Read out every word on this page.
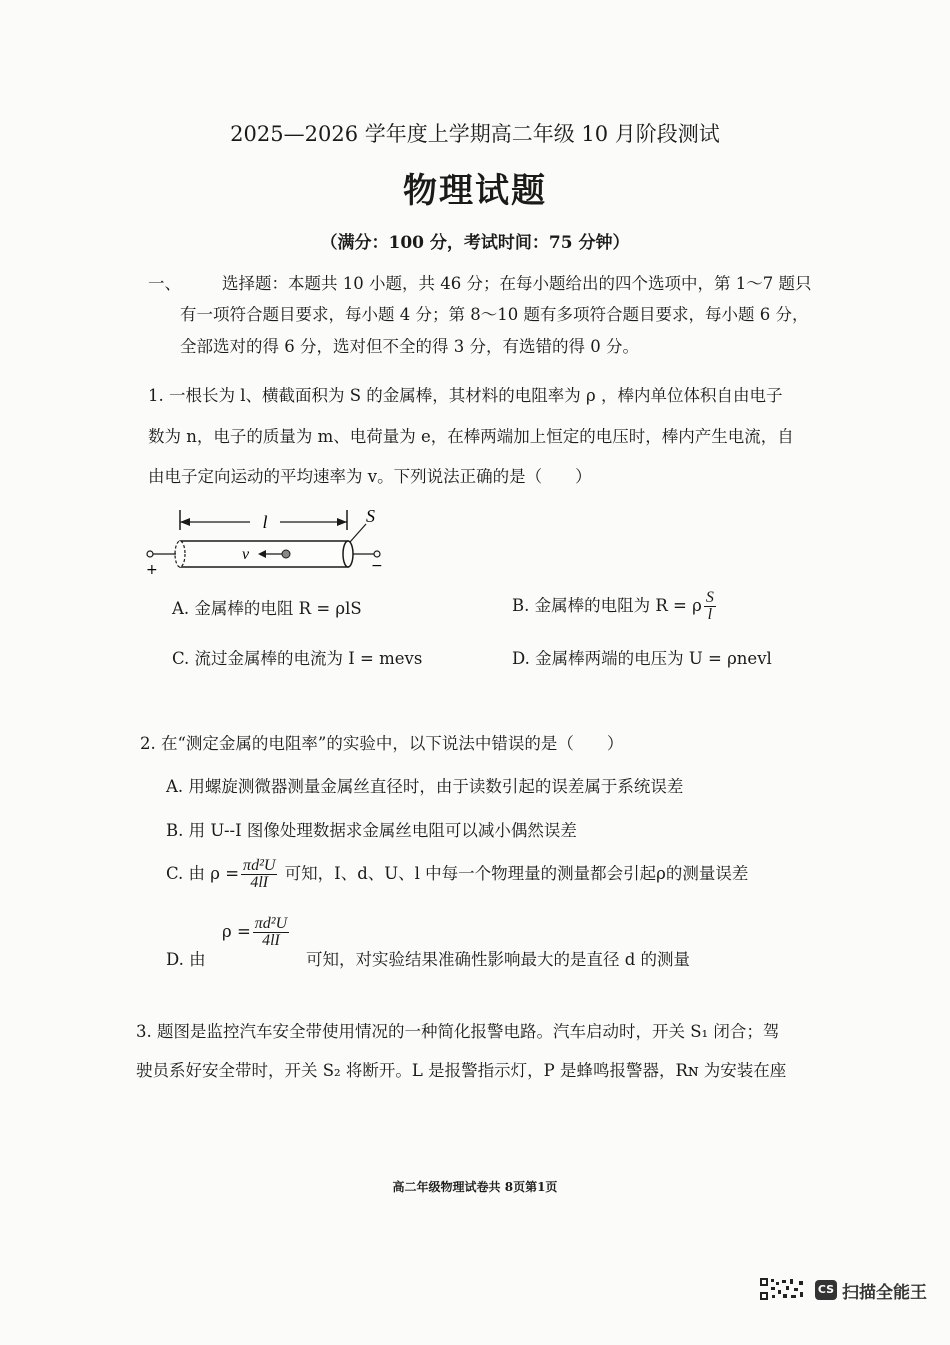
2025—2026 学年度上学期高二年级 10 月阶段测试
物理试题
（满分：100 分，考试时间：75 分钟）
一、 选择题：本题共 10 小题，共 46 分；在每小题给出的四个选项中，第 1～7 题只
有一项符合题目要求，每小题 4 分；第 8～10 题有多项符合题目要求，每小题 6 分，
全部选对的得 6 分，选对但不全的得 3 分，有选错的得 0 分。
1. 一根长为 l、横截面积为 S 的金属棒，其材料的电阻率为 ρ ，棒内单位体积自由电子
数为 n，电子的质量为 m、电荷量为 e，在棒两端加上恒定的电压时，棒内产生电流，自
由电子定向运动的平均速率为 v。下列说法正确的是（　　）
l	S
+	−
v
A. 金属棒的电阻 R = ρlS	B. 金属棒的电阻为 R = ρ $\frac{S}{l}$
C. 流过金属棒的电流为 I = mevs	D. 金属棒两端的电压为 U = ρnevl
2. 在“测定金属的电阻率”的实验中，以下说法中错误的是（　　）
A. 用螺旋测微器测量金属丝直径时，由于读数引起的误差属于系统误差
B. 用 U--I 图像处理数据求金属丝电阻可以减小偶然误差
C. 由 $\rho = \frac{\text{πd²U}}{4lI}$ 可知，I、d、U、l 中每一个物理量的测量都会引起ρ的测量误差
D. 由
$\rho = \frac{\text{πd²U}}{4lI}$
可知，对实验结果准确性影响最大的是直径 d 的测量
3. 题图是监控汽车安全带使用情况的一种简化报警电路。汽车启动时，开关 S₁ 闭合；驾
驶员系好安全带时，开关 S₂ 将断开。L 是报警指示灯，P 是蜂鸣报警器，Rɴ 为安装在座
高二年级物理试卷共 8页第1页
CS 扫描全能王
